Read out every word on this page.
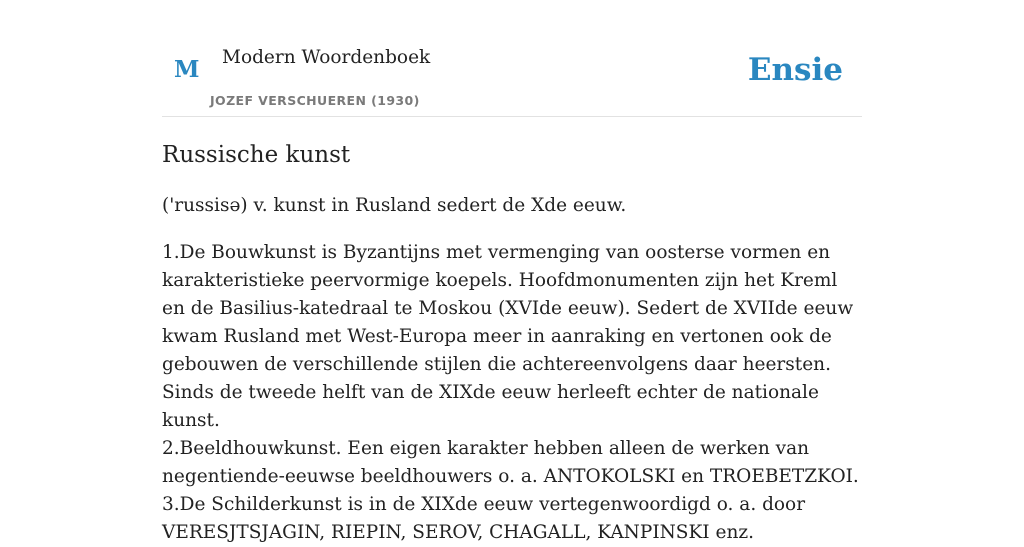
M Modern Woordenboek
JOZEF VERSCHUEREN (1930)
Ensie
Russische kunst
('russisə) v. kunst in Rusland sedert de Xde eeuw.

1.De Bouwkunst is Byzantijns met vermenging van oosterse vormen en karakteristieke peervormige koepels. Hoofdmonumenten zijn het Kreml en de Basilius-katedraal te Moskou (XVIde eeuw). Sedert de XVIIde eeuw kwam Rusland met West-Europa meer in aanraking en vertonen ook de gebouwen de verschillende stijlen die achtereenvolgens daar heersten. Sinds de tweede helft van de XIXde eeuw herleeft echter de nationale kunst.

2.Beeldhouwkunst. Een eigen karakter hebben alleen de werken van negentiende-eeuwse beeldhouwers o. a. ANTOKOLSKI en TROEBETZKOI.

3.De Schilderkunst is in de XIXde eeuw vertegenwoordigd o. a. door VERESJTSJAGIN, RIEPIN, SEROV, CHAGALL, KANPINSKI enz.
